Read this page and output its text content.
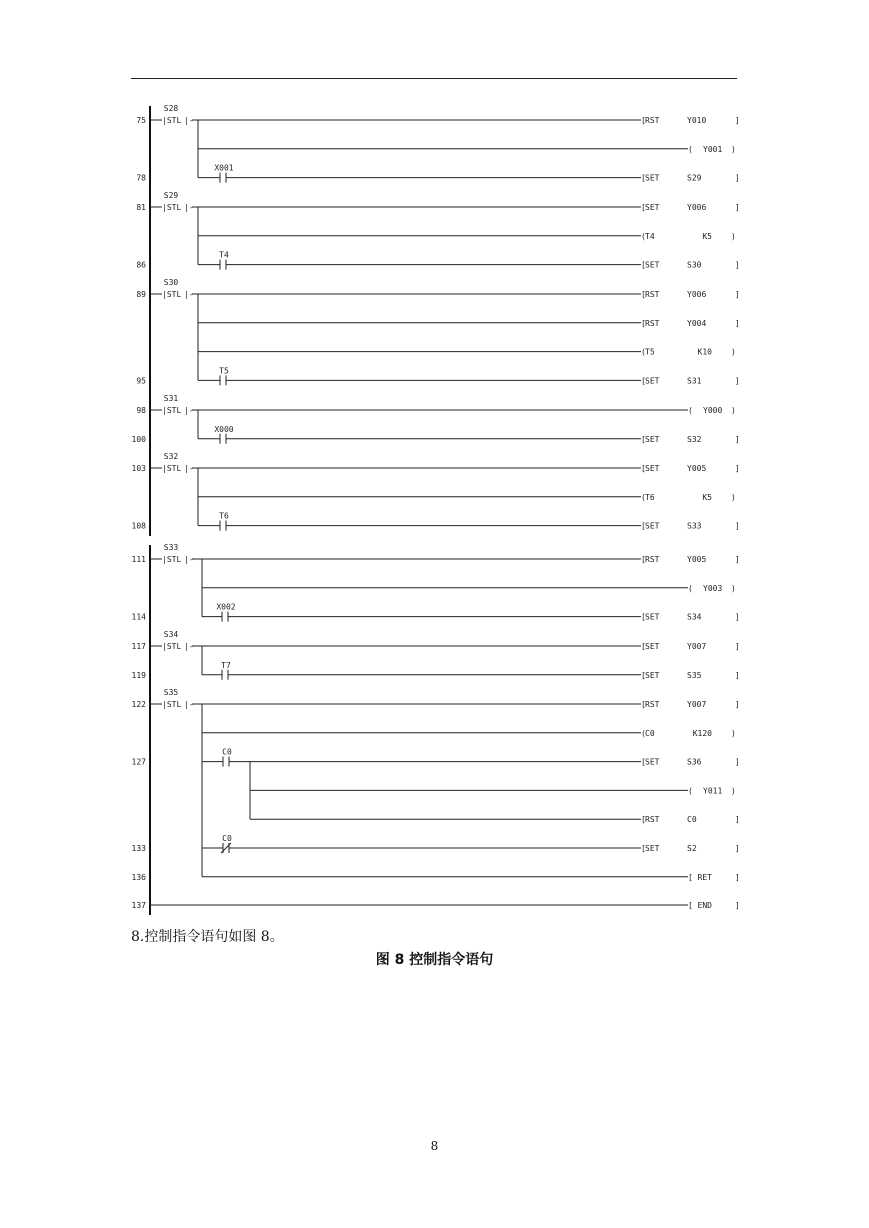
75
S28
|STL |-	[ RST	Y010	]
( Y001 )
78
X001
[ SET	S29	]
81
S29
|STL |-	[ SET	Y006	]
( T4	K5 )
86
T4
[ SET	S30	]
89
S30
|STL |-	[ RST	Y006	]
[ RST	Y004	]
( T5	K10 )
95
T5
[ SET	S31	]
98
S31
|STL |-	( Y000 )
100
X000
[ SET	S32	]
103
S32
|STL |-	[ SET	Y005	]
( T6	K5 )
108
T6
[ SET	S33	]
111
S33
|STL |-	[ RST	Y005	]
( Y003 )
114
X002
[ SET	S34	]
117
S34
|STL |-	[ SET	Y007	]
119
T7
[ SET	S35	]
122
S35
|STL |-	[ RST	Y007	]
( C0	K120 )
127
C0
[ SET	S36	]
( Y011 )
[ RST	C0	]
133
C0
[ SET	S2	]
136	[ RET	]
137	[ END	]
8.控制指令语句如图 8。
图 8 控制指令语句
8
